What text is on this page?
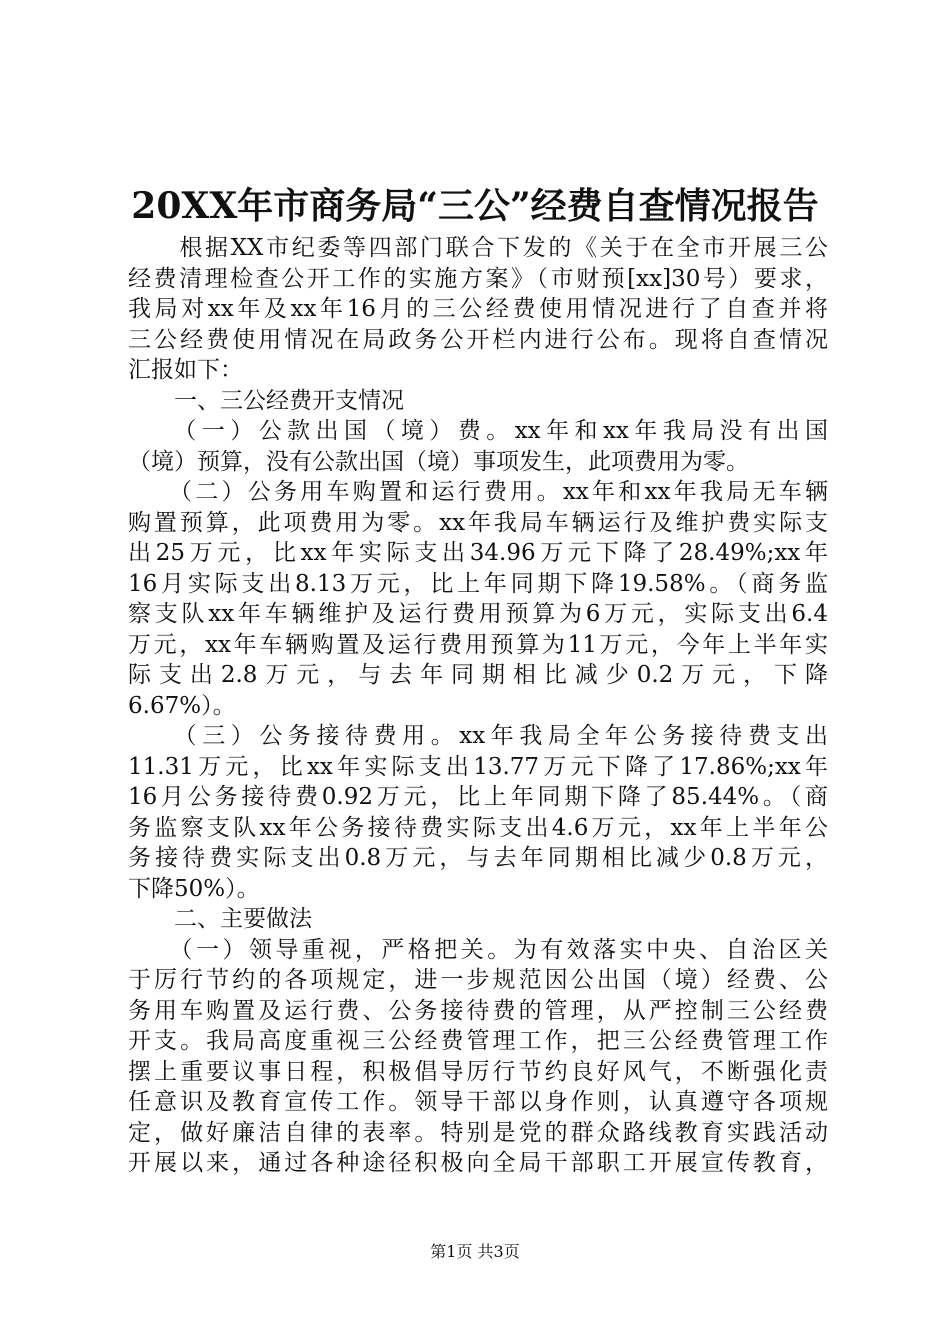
20XX年市商务局“三公”经费自查情况报告
　　根据XX市纪委等四部门联合下发的《关于在全市开展三公
经费清理检查公开工作的实施方案》（市财预[xx]30号）要求，
我局对xx年及xx年16月的三公经费使用情况进行了自查并将
三公经费使用情况在局政务公开栏内进行公布。现将自查情况
汇报如下：
　　一、三公经费开支情况
　　（一）公款出国（境）费。xx年和xx年我局没有出国
（境）预算，没有公款出国（境）事项发生，此项费用为零。
　　（二）公务用车购置和运行费用。xx年和xx年我局无车辆
购置预算，此项费用为零。xx年我局车辆运行及维护费实际支
出25万元，比xx年实际支出34.96万元下降了28.49%;xx年
16月实际支出8.13万元，比上年同期下降19.58%。（商务监
察支队xx年车辆维护及运行费用预算为6万元，实际支出6.4
万元，xx年车辆购置及运行费用预算为11万元，今年上半年实
际支出2.8万元，与去年同期相比减少0.2万元，下降
6.67%）。
　　（三）公务接待费用。xx年我局全年公务接待费支出
11.31万元，比xx年实际支出13.77万元下降了17.86%;xx年
16月公务接待费0.92万元，比上年同期下降了85.44%。（商
务监察支队xx年公务接待费实际支出4.6万元，xx年上半年公
务接待费实际支出0.8万元，与去年同期相比减少0.8万元，
下降50%）。
　　二、主要做法
　　（一）领导重视，严格把关。为有效落实中央、自治区关
于厉行节约的各项规定，进一步规范因公出国（境）经费、公
务用车购置及运行费、公务接待费的管理，从严控制三公经费
开支。我局高度重视三公经费管理工作，把三公经费管理工作
摆上重要议事日程，积极倡导厉行节约良好风气，不断强化责
任意识及教育宣传工作。领导干部以身作则，认真遵守各项规
定，做好廉洁自律的表率。特别是党的群众路线教育实践活动
开展以来，通过各种途径积极向全局干部职工开展宣传教育，
第1页 共3页
